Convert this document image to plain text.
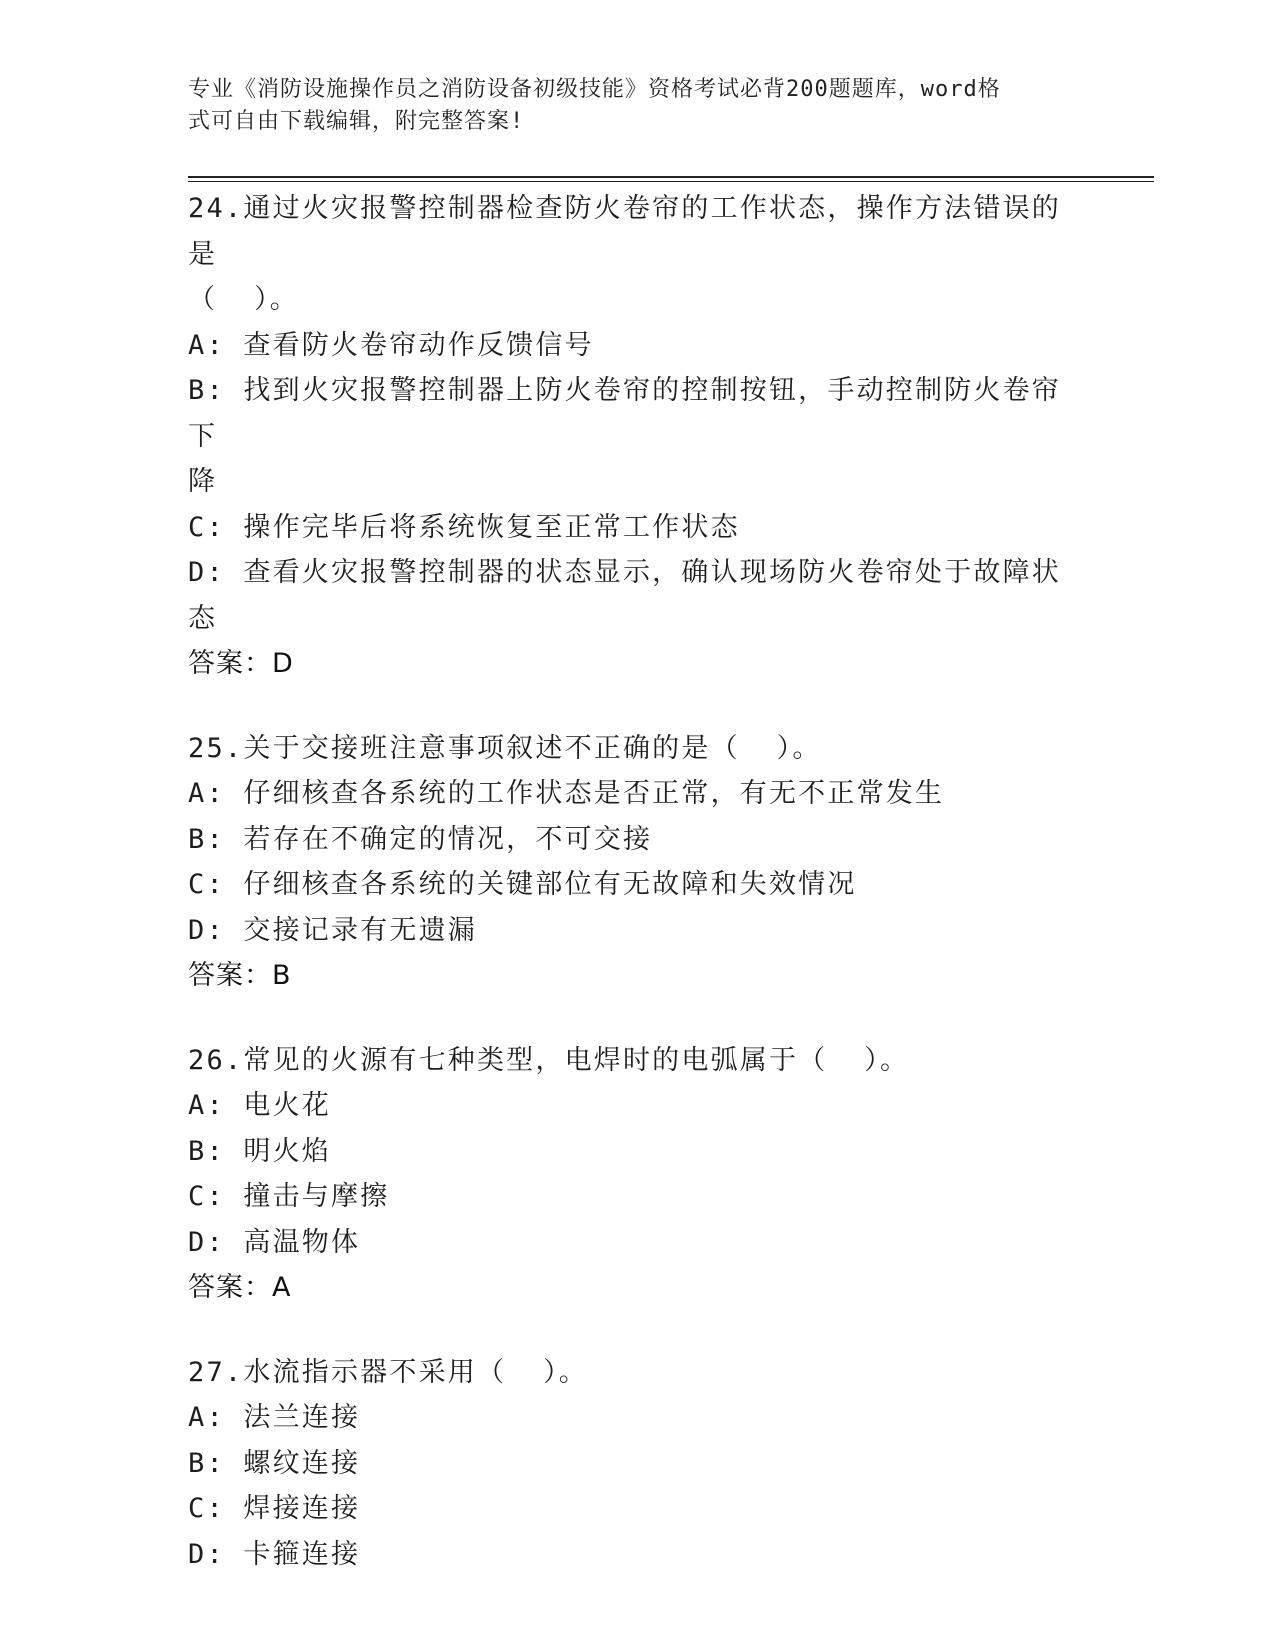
专业《消防设施操作员之消防设备初级技能》资格考试必背200题题库，word格
式可自由下载编辑，附完整答案!
24.通过火灾报警控制器检查防火卷帘的工作状态，操作方法错误的是
（  ）。
A: 查看防火卷帘动作反馈信号
B: 找到火灾报警控制器上防火卷帘的控制按钮，手动控制防火卷帘下
降
C: 操作完毕后将系统恢复至正常工作状态
D: 查看火灾报警控制器的状态显示，确认现场防火卷帘处于故障状态
答案：D
25.关于交接班注意事项叙述不正确的是（  ）。
A: 仔细核查各系统的工作状态是否正常，有无不正常发生
B: 若存在不确定的情况，不可交接
C: 仔细核查各系统的关键部位有无故障和失效情况
D: 交接记录有无遗漏
答案：B
26.常见的火源有七种类型，电焊时的电弧属于（  ）。
A: 电火花
B: 明火焰
C: 撞击与摩擦
D: 高温物体
答案：A
27.水流指示器不采用（  ）。
A: 法兰连接
B: 螺纹连接
C: 焊接连接
D: 卡箍连接
